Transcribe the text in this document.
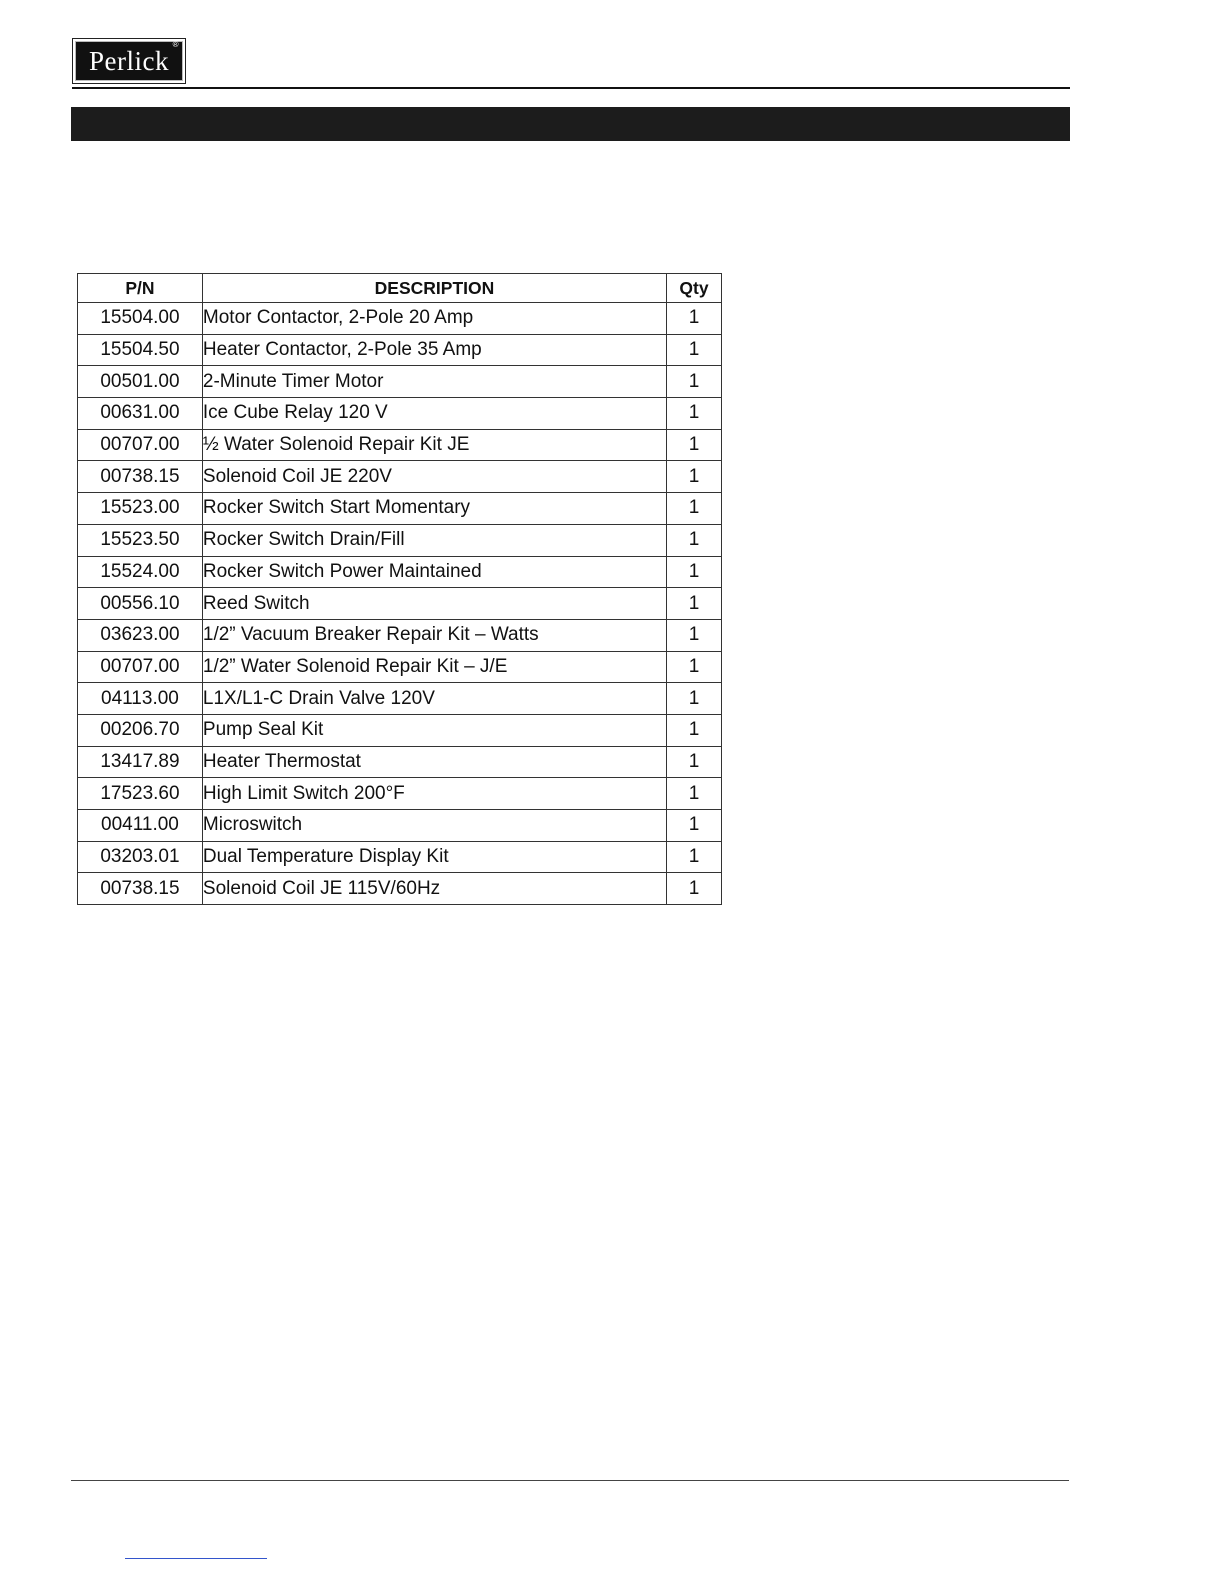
Perlick
®
P/N	DESCRIPTION	Qty
15504.00	Motor Contactor, 2-Pole 20 Amp	1
15504.50	Heater Contactor, 2-Pole 35 Amp	1
00501.00	2-Minute Timer Motor	1
00631.00	Ice Cube Relay 120 V	1
00707.00	½ Water Solenoid Repair Kit JE	1
00738.15	Solenoid Coil JE 220V	1
15523.00	Rocker Switch Start Momentary	1
15523.50	Rocker Switch Drain/Fill	1
15524.00	Rocker Switch Power Maintained	1
00556.10	Reed Switch	1
03623.00	1/2” Vacuum Breaker Repair Kit – Watts	1
00707.00	1/2” Water Solenoid Repair Kit – J/E	1
04113.00	L1X/L1-C Drain Valve 120V	1
00206.70	Pump Seal Kit	1
13417.89	Heater Thermostat	1
17523.60	High Limit Switch 200°F	1
00411.00	Microswitch	1
03203.01	Dual Temperature Display Kit	1
00738.15	Solenoid Coil JE 115V/60Hz	1
